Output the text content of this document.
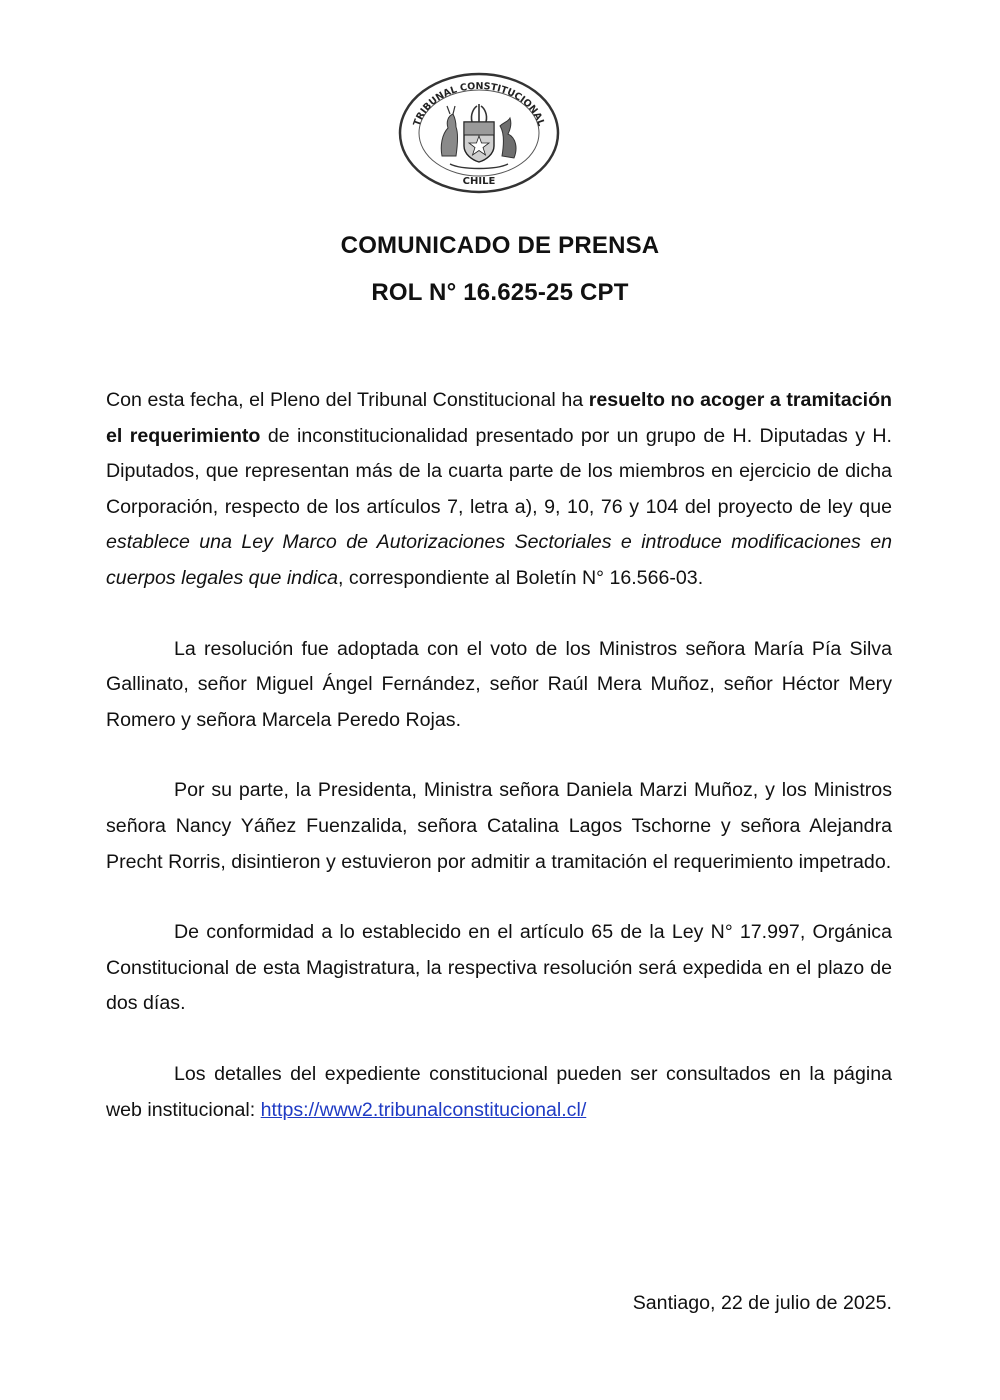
TRIBUNAL CONSTITUCIONAL
CHILE
COMUNICADO DE PRENSA
ROL N° 16.625-25 CPT

Con esta fecha, el Pleno del Tribunal Constitucional ha resuelto no acoger a tramitación el requerimiento de inconstitucionalidad presentado por un grupo de H. Diputadas y H. Diputados, que representan más de la cuarta parte de los miembros en ejercicio de dicha Corporación, respecto de los artículos 7, letra a), 9, 10, 76 y 104 del proyecto de ley que establece una Ley Marco de Autorizaciones Sectoriales e introduce modificaciones en cuerpos legales que indica, correspondiente al Boletín N° 16.566-03.

La resolución fue adoptada con el voto de los Ministros señora María Pía Silva Gallinato, señor Miguel Ángel Fernández, señor Raúl Mera Muñoz, señor Héctor Mery Romero y señora Marcela Peredo Rojas.

Por su parte, la Presidenta, Ministra señora Daniela Marzi Muñoz, y los Ministros señora Nancy Yáñez Fuenzalida, señora Catalina Lagos Tschorne y señora Alejandra Precht Rorris, disintieron y estuvieron por admitir a tramitación el requerimiento impetrado.

De conformidad a lo establecido en el artículo 65 de la Ley N° 17.997, Orgánica Constitucional de esta Magistratura, la respectiva resolución será expedida en el plazo de dos días.

Los detalles del expediente constitucional pueden ser consultados en la página web institucional: https://www2.tribunalconstitucional.cl/

Santiago, 22 de julio de 2025.
